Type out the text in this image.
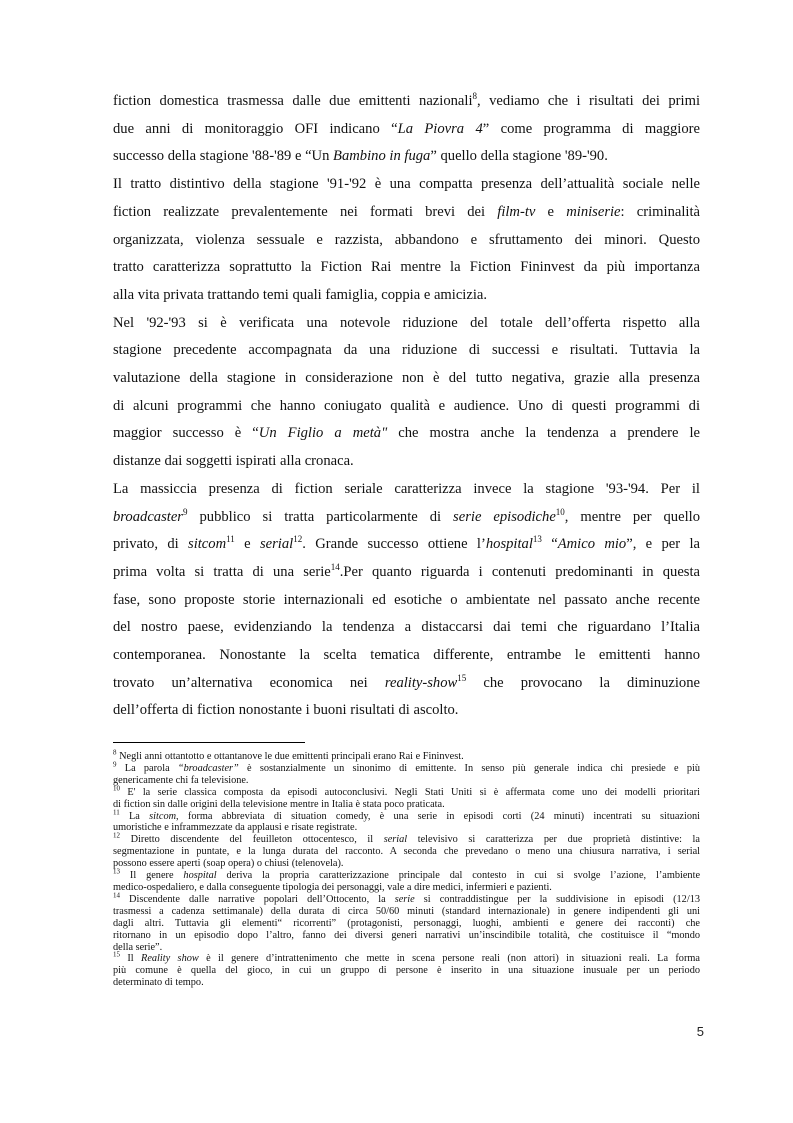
fiction domestica trasmessa dalle due emittenti nazionali$^8$, vediamo che i risultati dei primi
due anni di monitoraggio OFI indicano “La Piovra 4” come programma di maggiore
successo della stagione '88-'89 e “Un Bambino in fuga” quello della stagione '89-'90.

Il tratto distintivo della stagione '91-'92 è una compatta presenza dell’attualità sociale nelle
fiction realizzate prevalentemente nei formati brevi dei film-tv e miniserie: criminalità
organizzata, violenza sessuale e razzista, abbandono e sfruttamento dei minori. Questo
tratto caratterizza soprattutto la Fiction Rai mentre la Fiction Fininvest da più importanza
alla vita privata trattando temi quali famiglia, coppia e amicizia.

Nel '92-'93 si è verificata una notevole riduzione del totale dell’offerta rispetto alla
stagione precedente accompagnata da una riduzione di successi e risultati. Tuttavia la
valutazione della stagione in considerazione non è del tutto negativa, grazie alla presenza
di alcuni programmi che hanno coniugato qualità e audience. Uno di questi programmi di
maggior successo è “Un Figlio a metà" che mostra anche la tendenza a prendere le
distanze dai soggetti ispirati alla cronaca.

La massiccia presenza di fiction seriale caratterizza invece la stagione '93-'94. Per il
broadcaster$^9$ pubblico si tratta particolarmente di serie episodiche$^{10}$, mentre per quello
privato, di sitcom$^{11}$ e serial$^{12}$. Grande successo ottiene l’hospital$^{13}$ “Amico mio”, e per la
prima volta si tratta di una serie$^{14}$.Per quanto riguarda i contenuti predominanti in questa
fase, sono proposte storie internazionali ed esotiche o ambientate nel passato anche recente
del nostro paese, evidenziando la tendenza a distaccarsi dai temi che riguardano l’Italia
contemporanea. Nonostante la scelta tematica differente, entrambe le emittenti hanno
trovato un’alternativa economica nei reality-show$^{15}$ che provocano la diminuzione
dell’offerta di fiction nonostante i buoni risultati di ascolto.

$^8$ Negli anni ottantotto e ottantanove le due emittenti principali erano Rai e Fininvest.
$^9$ La parola “broadcaster” è sostanzialmente un sinonimo di emittente. In senso più generale indica chi presiede e più
genericamente chi fa televisione.
$^{10}$ E' la serie classica composta da episodi autoconclusivi. Negli Stati Uniti si è affermata come uno dei modelli prioritari
di fiction sin dalle origini della televisione mentre in Italia è stata poco praticata.
$^{11}$ La sitcom, forma abbreviata di situation comedy, è una serie in episodi corti (24 minuti) incentrati su situazioni
umoristiche e inframmezzate da applausi e risate registrate.
$^{12}$ Diretto discendente del feuilleton ottocentesco, il serial televisivo si caratterizza per due proprietà distintive: la
segmentazione in puntate, e la lunga durata del racconto. A seconda che prevedano o meno una chiusura narrativa, i serial
possono essere aperti (soap opera) o chiusi (telenovela).
$^{13}$ Il genere hospital deriva la propria caratterizzazione principale dal contesto in cui si svolge l’azione, l’ambiente
medico-ospedaliero, e dalla conseguente tipologia dei personaggi, vale a dire medici, infermieri e pazienti.
$^{14}$ Discendente dalle narrative popolari dell’Ottocento, la serie si contraddistingue per la suddivisione in episodi (12/13
trasmessi a cadenza settimanale) della durata di circa 50/60 minuti (standard internazionale) in genere indipendenti gli uni
dagli altri. Tuttavia gli elementi“ ricorrenti” (protagonisti, personaggi, luoghi, ambienti e genere dei racconti) che
ritornano in un episodio dopo l’altro, fanno dei diversi generi narrativi un’inscindibile totalità, che costituisce il “mondo
della serie”.
$^{15}$ Il Reality show è il genere d’intrattenimento che mette in scena persone reali (non attori) in situazioni reali. La forma
più comune è quella del gioco, in cui un gruppo di persone è inserito in una situazione inusuale per un periodo
determinato di tempo.
5
